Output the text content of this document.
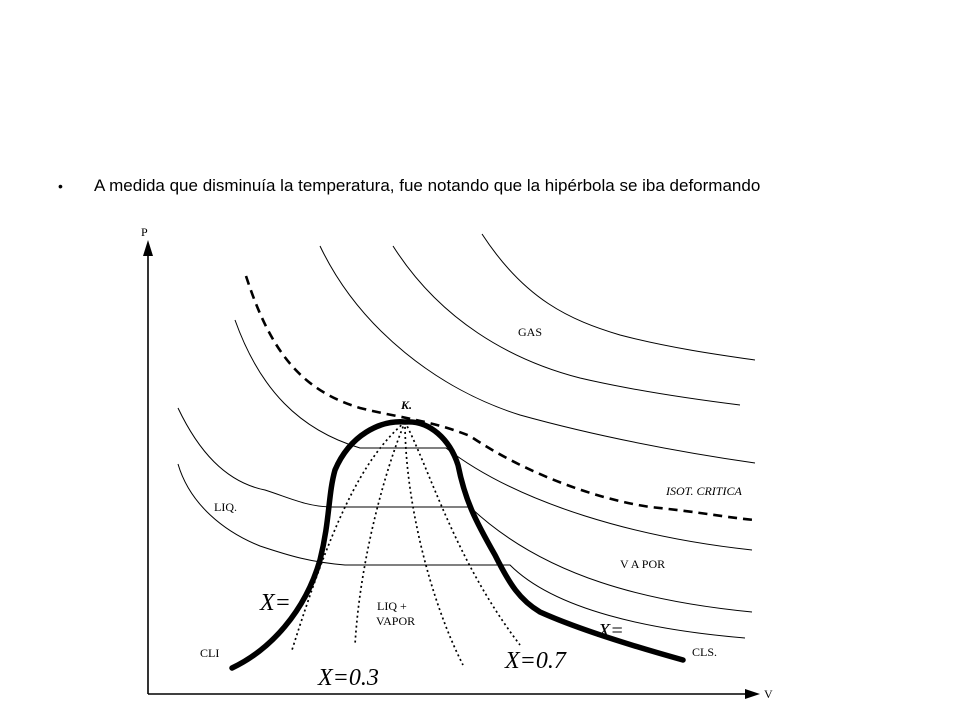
•	A medida que disminuía la temperatura, fue notando que la hipérbola se iba deformando
P
V
GAS
K.
ISOT. CRITICA
LIQ.
V A POR
LIQ +
VAPOR
CLI	CLS.
X=
X=
X=0.3
X=0.7
